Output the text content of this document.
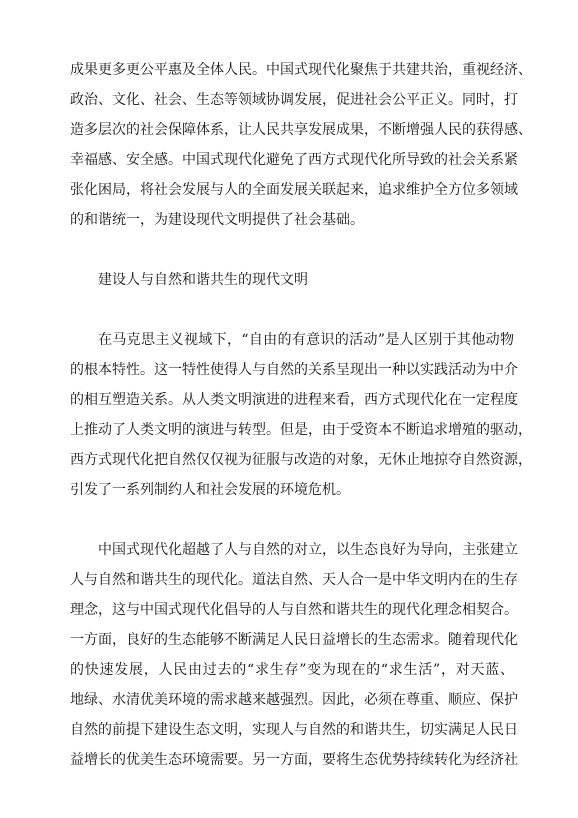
成果更多更公平惠及全体人民。中国式现代化聚焦于共建共治，重视经济、
政治、文化、社会、生态等领域协调发展，促进社会公平正义。同时，打
造多层次的社会保障体系，让人民共享发展成果，不断增强人民的获得感、
幸福感、安全感。中国式现代化避免了西方式现代化所导致的社会关系紧
张化困局，将社会发展与人的全面发展关联起来，追求维护全方位多领域
的和谐统一，为建设现代文明提供了社会基础。
建设人与自然和谐共生的现代文明
在马克思主义视域下，“自由的有意识的活动”是人区别于其他动物
的根本特性。这一特性使得人与自然的关系呈现出一种以实践活动为中介
的相互塑造关系。从人类文明演进的进程来看，西方式现代化在一定程度
上推动了人类文明的演进与转型。但是，由于受资本不断追求增殖的驱动，
西方式现代化把自然仅仅视为征服与改造的对象，无休止地掠夺自然资源，
引发了一系列制约人和社会发展的环境危机。
中国式现代化超越了人与自然的对立，以生态良好为导向，主张建立
人与自然和谐共生的现代化。道法自然、天人合一是中华文明内在的生存
理念，这与中国式现代化倡导的人与自然和谐共生的现代化理念相契合。
一方面，良好的生态能够不断满足人民日益增长的生态需求。随着现代化
的快速发展，人民由过去的“求生存”变为现在的“求生活”，对天蓝、
地绿、水清优美环境的需求越来越强烈。因此，必须在尊重、顺应、保护
自然的前提下建设生态文明，实现人与自然的和谐共生，切实满足人民日
益增长的优美生态环境需要。另一方面，要将生态优势持续转化为经济社
